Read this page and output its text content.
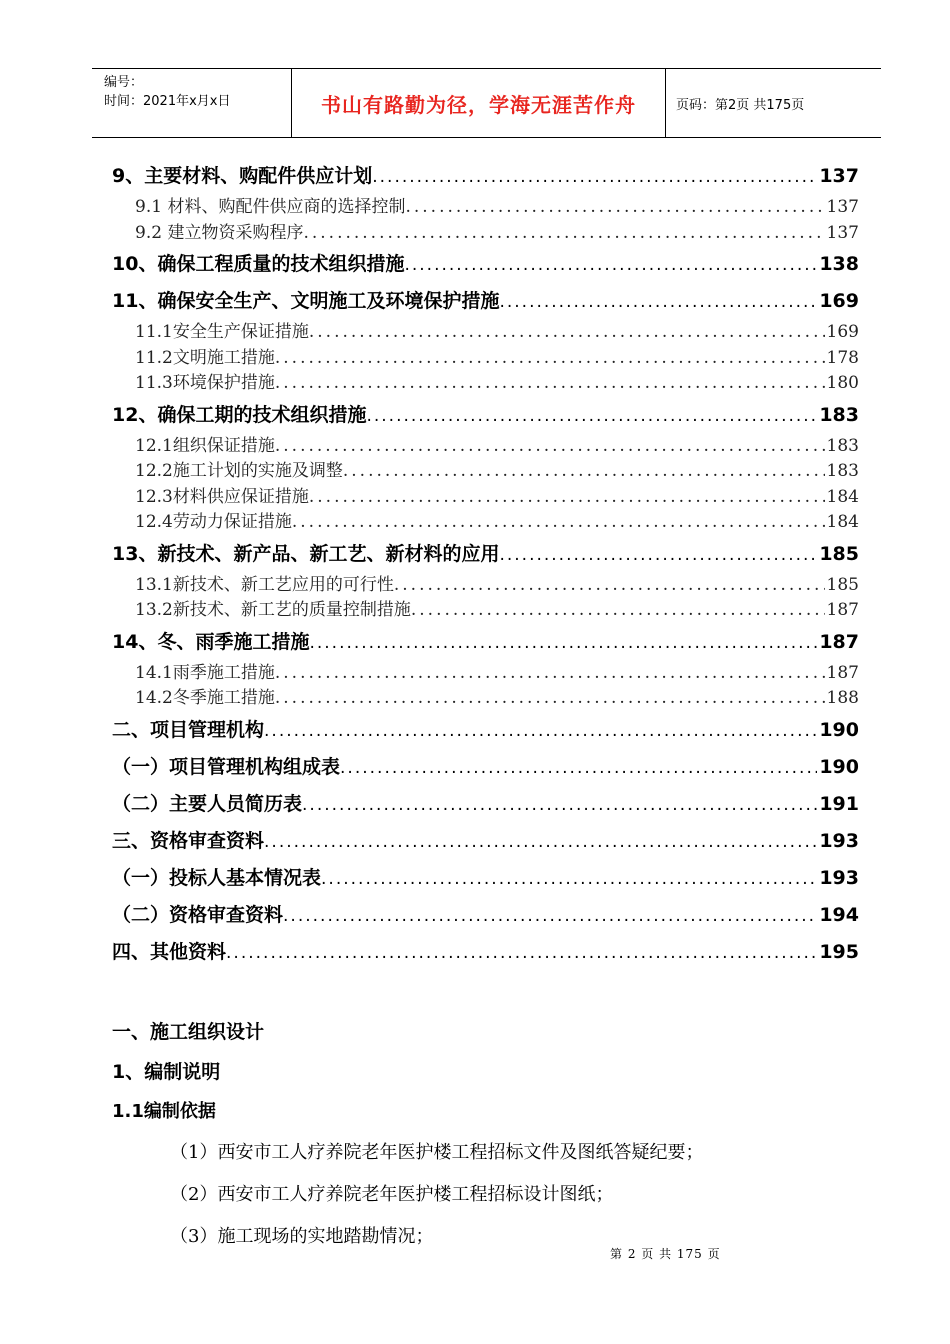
编号：
时间：2021年x月x日	书山有路勤为径，学海无涯苦作舟	页码：第2页 共175页
9、主要材料、购配件供应计划 .....	137
9.1 材料、购配件供应商的选择控制 .....	137
9.2 建立物资采购程序 .....	137
10、确保工程质量的技术组织措施 .....	138
11、确保安全生产、文明施工及环境保护措施 .....	169
11.1安全生产保证措施 .....	169
11.2文明施工措施 .....	178
11.3环境保护措施 .....	180
12、确保工期的技术组织措施 .....	183
12.1组织保证措施 .....	183
12.2施工计划的实施及调整 .....	183
12.3材料供应保证措施 .....	184
12.4劳动力保证措施 .....	184
13、新技术、新产品、新工艺、新材料的应用 .....	185
13.1新技术、新工艺应用的可行性 .....	185
13.2新技术、新工艺的质量控制措施 .....	187
14、冬、雨季施工措施 .....	187
14.1雨季施工措施 .....	187
14.2冬季施工措施 .....	188
二、项目管理机构 .....	190
（一）项目管理机构组成表 .....	190
（二）主要人员简历表 .....	191
三、资格审查资料 .....	193
（一）投标人基本情况表 .....	193
（二）资格审查资料 .....	194
四、其他资料 .....	195
一、施工组织设计
1、编制说明
1.1编制依据
（1）西安市工人疗养院老年医护楼工程招标文件及图纸答疑纪要；
（2）西安市工人疗养院老年医护楼工程招标设计图纸；
（3）施工现场的实地踏勘情况；
第 2 页 共 175 页
